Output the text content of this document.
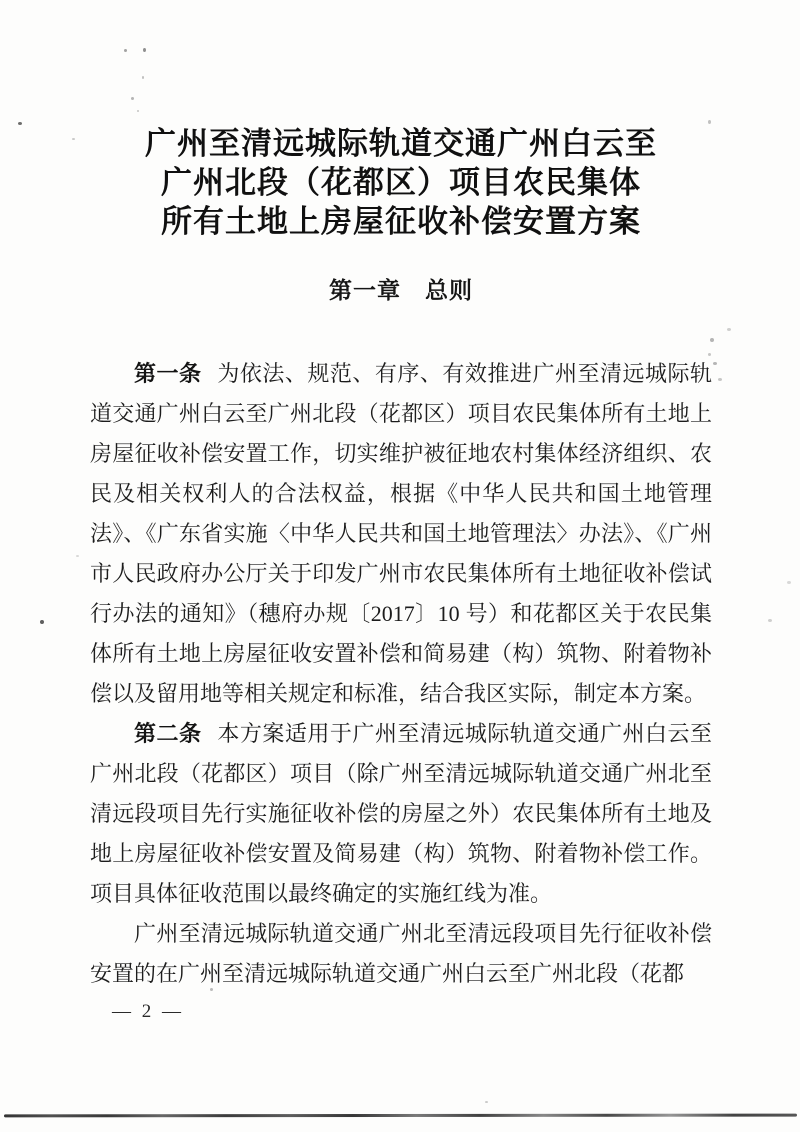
广州至清远城际轨道交通广州白云至
广州北段（花都区）项目农民集体
所有土地上房屋征收补偿安置方案
第一章　总则

第一条 为依法、规范、有序、有效推进广州至清远城际轨道交通广州白云至广州北段（花都区）项目农民集体所有土地上房屋征收补偿安置工作，切实维护被征地农村集体经济组织、农民及相关权利人的合法权益，根据《中华人民共和国土地管理法》、《广东省实施〈中华人民共和国土地管理法〉办法》、《广州市人民政府办公厅关于印发广州市农民集体所有土地征收补偿试行办法的通知》（穗府办规〔2017〕10 号）和花都区关于农民集体所有土地上房屋征收安置补偿和简易建（构）筑物、附着物补偿以及留用地等相关规定和标准，结合我区实际，制定本方案。

第二条 本方案适用于广州至清远城际轨道交通广州白云至广州北段（花都区）项目（除广州至清远城际轨道交通广州北至清远段项目先行实施征收补偿的房屋之外）农民集体所有土地及地上房屋征收补偿安置及简易建（构）筑物、附着物补偿工作。项目具体征收范围以最终确定的实施红线为准。

广州至清远城际轨道交通广州北至清远段项目先行征收补偿安置的在广州至清远城际轨道交通广州白云至广州北段（花都

— 2 —
